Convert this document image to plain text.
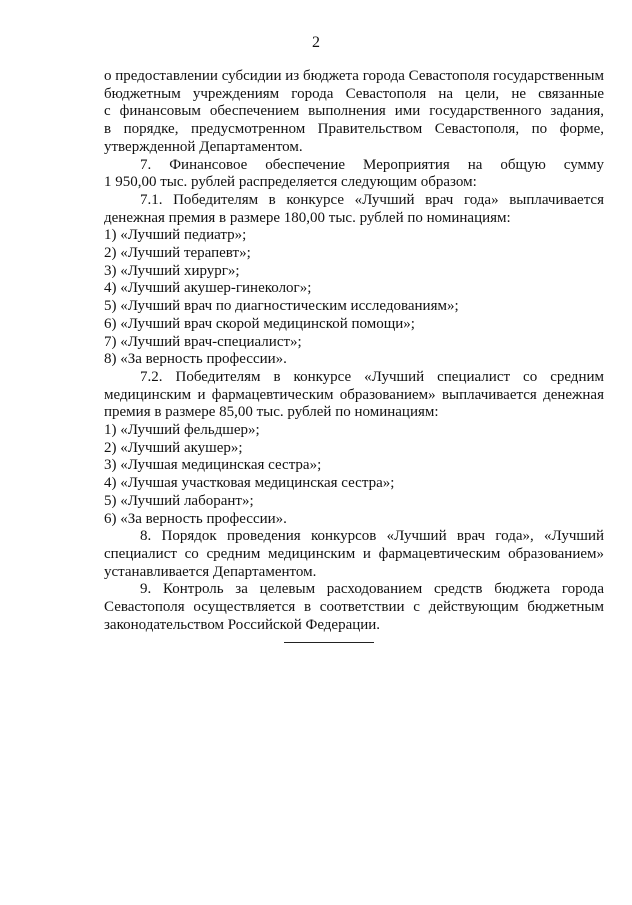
2

о предоставлении субсидии из бюджета города Севастополя государственным

бюджетным учреждениям города Севастополя на цели, не связанные

с финансовым обеспечением выполнения ими государственного задания,

в порядке, предусмотренном Правительством Севастополя, по форме,

утвержденной Департаментом.

7. Финансовое обеспечение Мероприятия на общую сумму

1 950,00 тыс. рублей распределяется следующим образом:

7.1. Победителям в конкурсе «Лучший врач года» выплачивается

денежная премия в размере 180,00 тыс. рублей по номинациям:

1) «Лучший педиатр»;

2) «Лучший терапевт»;

3) «Лучший хирург»;

4) «Лучший акушер-гинеколог»;

5) «Лучший врач по диагностическим исследованиям»;

6) «Лучший врач скорой медицинской помощи»;

7) «Лучший врач-специалист»;

8) «За верность профессии».

7.2. Победителям в конкурсе «Лучший специалист со средним

медицинским и фармацевтическим образованием» выплачивается денежная

премия в размере 85,00 тыс. рублей по номинациям:

1) «Лучший фельдшер»;

2) «Лучший акушер»;

3) «Лучшая медицинская сестра»;

4) «Лучшая участковая медицинская сестра»;

5) «Лучший лаборант»;

6) «За верность профессии».

8. Порядок проведения конкурсов «Лучший врач года», «Лучший

специалист со средним медицинским и фармацевтическим образованием»

устанавливается Департаментом.

9. Контроль за целевым расходованием средств бюджета города

Севастополя осуществляется в соответствии с действующим бюджетным

законодательством Российской Федерации.
